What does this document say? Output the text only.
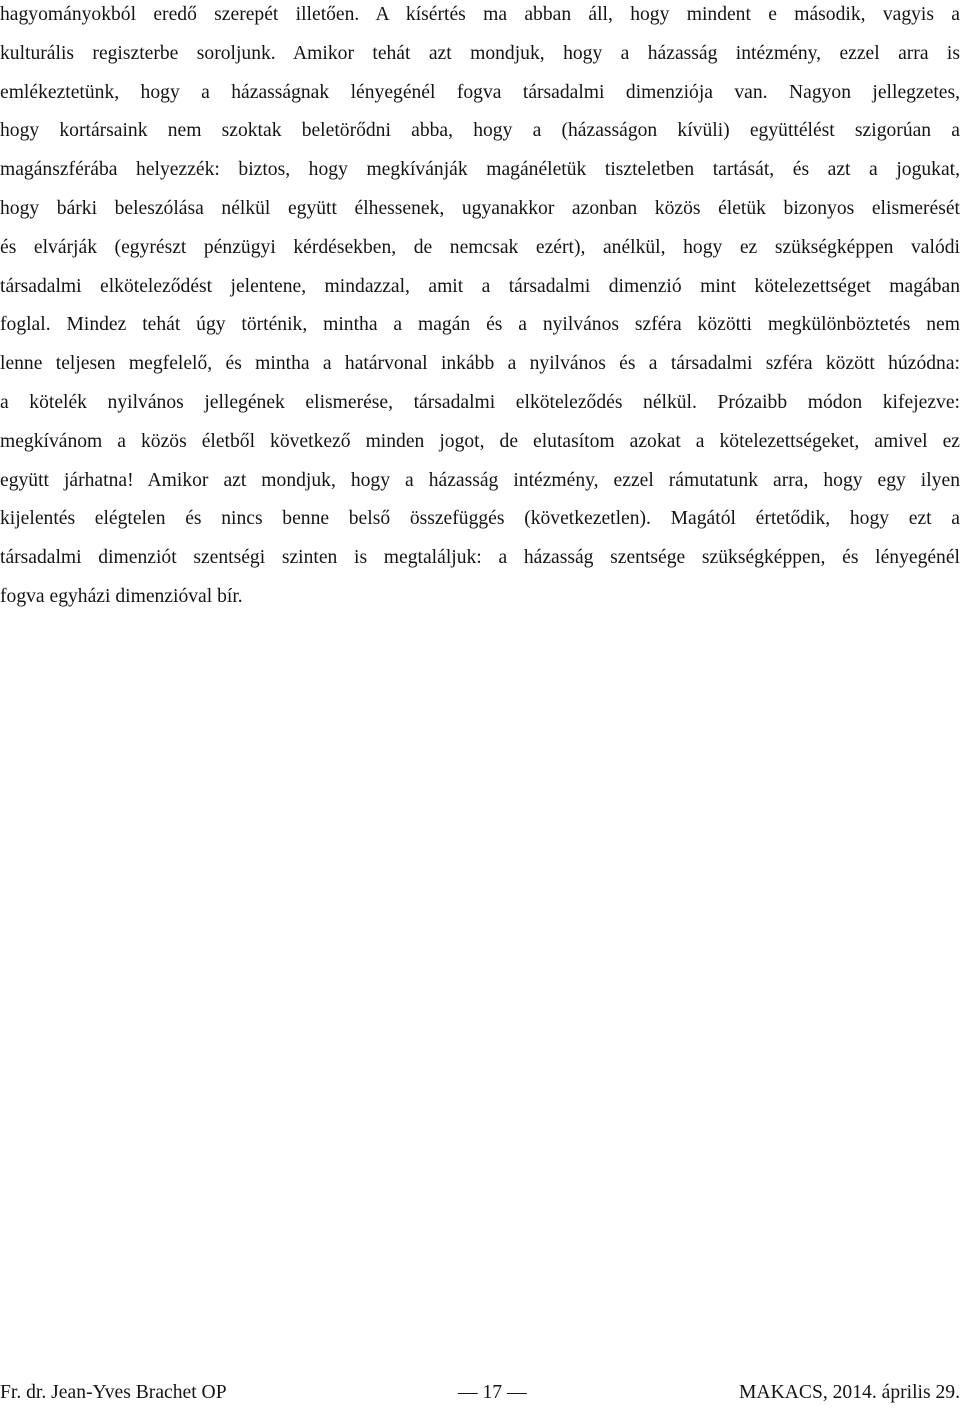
hagyományokból eredő szerepét illetően. A kísértés ma abban áll, hogy mindent e második, vagyis a
kulturális regiszterbe soroljunk. Amikor tehát azt mondjuk, hogy a házasság intézmény, ezzel arra is
emlékeztetünk, hogy a házasságnak lényegénél fogva társadalmi dimenziója van. Nagyon jellegzetes,
hogy kortársaink nem szoktak beletörődni abba, hogy a (házasságon kívüli) együttélést szigorúan a
magánszférába helyezzék: biztos, hogy megkívánják magánéletük tiszteletben tartását, és azt a jogukat,
hogy bárki beleszólása nélkül együtt élhessenek, ugyanakkor azonban közös életük bizonyos elismerését
és elvárják (egyrészt pénzügyi kérdésekben, de nemcsak ezért), anélkül, hogy ez szükségképpen valódi
társadalmi elköteleződést jelentene, mindazzal, amit a társadalmi dimenzió mint kötelezettséget magában
foglal. Mindez tehát úgy történik, mintha a magán és a nyilvános szféra közötti megkülönböztetés nem
lenne teljesen megfelelő, és mintha a határvonal inkább a nyilvános és a társadalmi szféra között húzódna:
a kötelék nyilvános jellegének elismerése, társadalmi elköteleződés nélkül. Prózaibb módon kifejezve:
megkívánom a közös életből következő minden jogot, de elutasítom azokat a kötelezettségeket, amivel ez
együtt járhatna! Amikor azt mondjuk, hogy a házasság intézmény, ezzel rámutatunk arra, hogy egy ilyen
kijelentés elégtelen és nincs benne belső összefüggés (következetlen). Magától értetődik, hogy ezt a
társadalmi dimenziót szentségi szinten is megtaláljuk: a házasság szentsége szükségképpen, és lényegénél
fogva egyházi dimenzióval bír.
Fr. dr. Jean-Yves Brachet OP	— 17 —	MAKACS, 2014. április 29.
